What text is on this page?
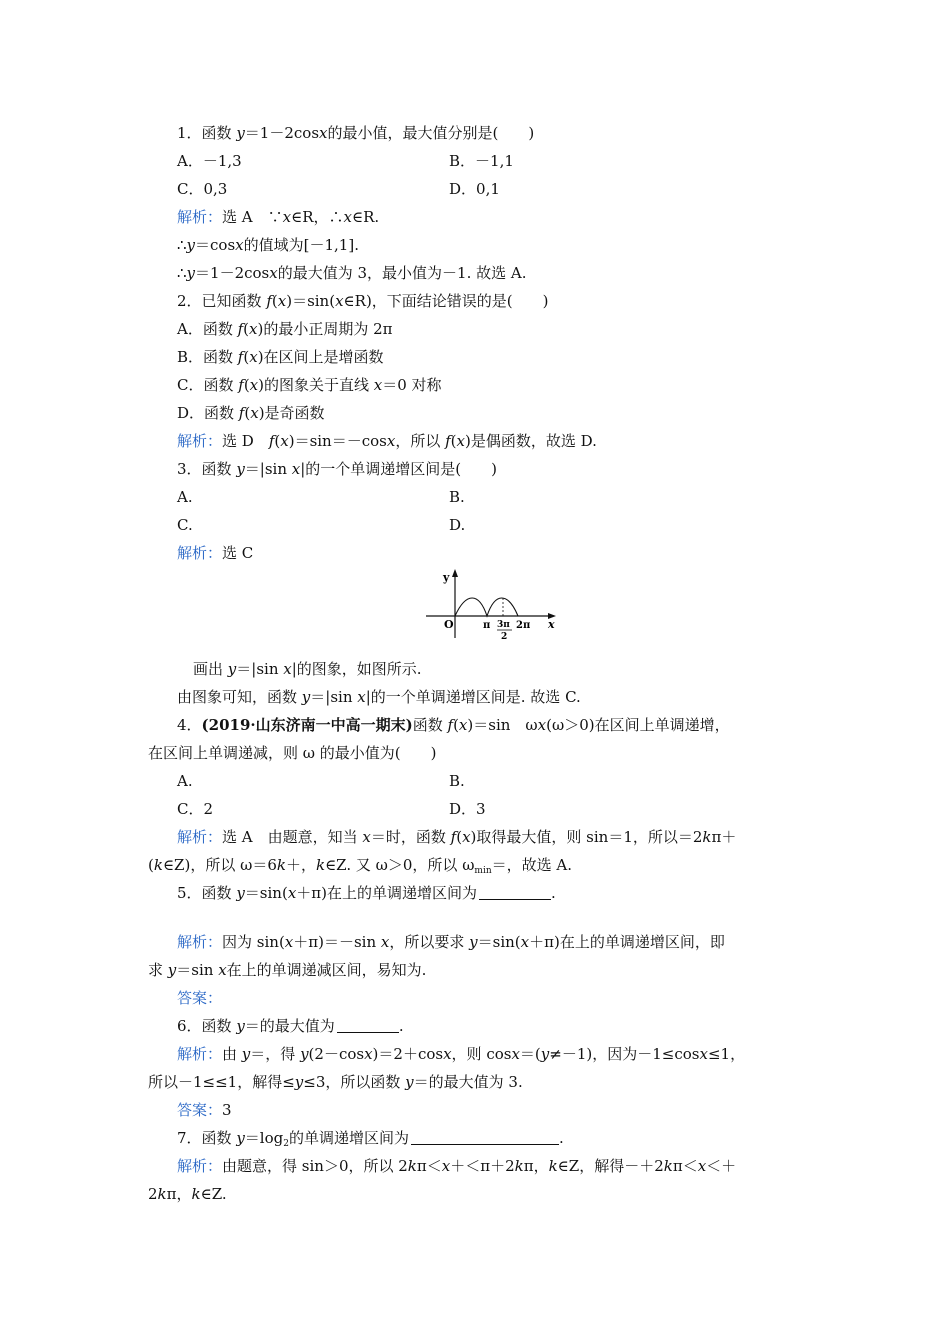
1．函数 y＝1－2cosx的最小值，最大值分别是(　　)
A．－1,3	B．－1,1
C．0,3	D．0,1
解析：选 A　∵x∈R，∴x∈R.
∴y＝cosx的值域为[－1,1].
∴y＝1－2cosx的最大值为 3，最小值为－1. 故选 A.
2．已知函数 f(x)＝sin(x∈R)，下面结论错误的是(　　)
A．函数 f(x)的最小正周期为 2π
B．函数 f(x)在区间上是增函数
C．函数 f(x)的图象关于直线 x＝0 对称
D．函数 f(x)是奇函数
解析：选 D　f(x)＝sin＝－cosx，所以 f(x)是偶函数，故选 D.
3．函数 y＝|sin x|的一个单调递增区间是(　　)
A.	B.
C.	D.
解析：选 C
y
O	π 3π
2
2π x
画出 y＝|sin x|的图象，如图所示.
由图象可知，函数 y＝|sin x|的一个单调递增区间是. 故选 C.
4．(2019·山东济南一中高一期末)函数 f(x)＝sin　ωx(ω＞0)在区间上单调递增，
在区间上单调递减，则 ω 的最小值为(　　)
A.	B.
C．2	D．3
解析：选 A　由题意，知当 x＝时，函数 f(x)取得最大值，则 sin＝1，所以＝2kπ＋
(k∈Z)，所以 ω＝6k＋，k∈Z. 又 ω＞0，所以 $\omega_{min}=$，故选 A.
5．函数 y＝sin(x＋π)在上的单调递增区间为	.
解析：因为 sin(x＋π)＝－sin x，所以要求 y＝sin(x＋π)在上的单调递增区间，即
求 y＝sin x在上的单调递减区间，易知为.
答案：
6．函数 y＝的最大值为	.
解析：由 y＝，得 y(2－cosx)＝2＋cosx，则 cosx＝(y≠－1)，因为－1≤cosx≤1，
所以－1≤≤1，解得≤y≤3，所以函数 y＝的最大值为 3.
答案：3
7．函数 $y=\log_2$的单调递增区间为	.
解析：由题意，得 sin＞0，所以 2kπ＜x＋＜π＋2kπ，k∈Z，解得－＋2kπ＜x＜＋
2kπ，k∈Z.
